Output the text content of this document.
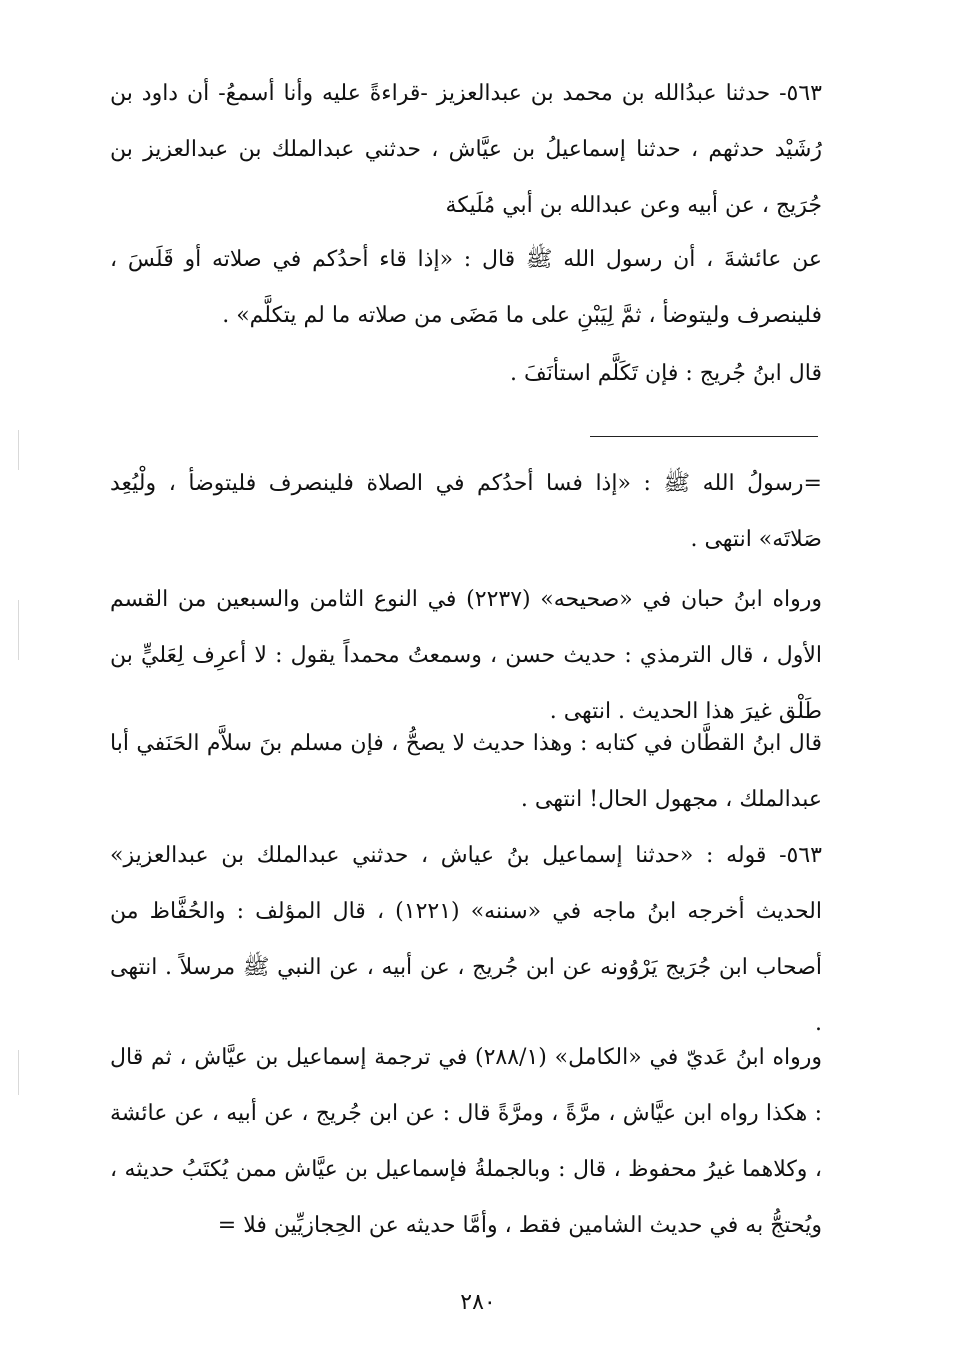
٥٦٣- حدثنا عبدُالله بن محمد بن عبدالعزيز -قراءةً عليه وأنا أسمعُ- أن داود بن رُشَيْد حدثهم ، حدثنا إسماعيلُ بن عيَّاش ، حدثني عبدالملك بن عبدالعزيز بن جُرَيج ، عن أبيه وعن عبدالله بن أبي مُلَيكة

عن عائشةَ ، أن رسول الله ﷺ قال : «إذا قاء أحدُكم في صلاته أو قَلَسَ ، فلينصرف وليتوضأ ، ثمَّ لِيَبْنِ على ما مَضَى من صلاته ما لم يتكلَّم» .

قال ابنُ جُريج : فإن تَكَلَّم استأنَفَ .

=رسولُ الله ﷺ : «إذا فسا أحدُكم في الصلاة فلينصرف فليتوضأ ، ولْيُعِد صَلاتَه» انتهى .

ورواه ابنُ حبان في «صحيحه» (٢٢٣٧) في النوع الثامن والسبعين من القسم الأول ، قال الترمذي : حديث حسن ، وسمعتُ محمداً يقول : لا أعرِف لِعَليٍّ بن طَلْق غيرَ هذا الحديث . انتهى .

قال ابنُ القطَّان في كتابه : وهذا حديث لا يصحُّ ، فإن مسلم بنَ سلاَّم الحَنَفي أبا عبدالملك ، مجهول الحال! انتهى .

٥٦٣- قوله : «حدثنا إسماعيل بنُ عياش ، حدثني عبدالملك بن عبدالعزيز» الحديث أخرجه ابنُ ماجه في «سننه» (١٢٢١) ، قال المؤلف : والحُفَّاظ من أصحاب ابن جُرَيج يَرْوُونه عن ابن جُريج ، عن أبيه ، عن النبي ﷺ مرسلاً . انتهى .

ورواه ابنُ عَديّ في «الكامل» (٢٨٨/١) في ترجمة إسماعيل بن عيَّاش ، ثم قال : هكذا رواه ابن عيَّاش ، مرَّةً ، ومرَّةً قال : عن ابن جُريج ، عن أبيه ، عن عائشة ، وكلاهما غيرُ محفوظ ، قال : وبالجملةُ فإسماعيل بن عيَّاش ممن يُكتَبُ حديثه ، ويُحتجُّ به في حديث الشامين فقط ، وأمَّا حديثه عن الحِجازيِّين فلا =

٢٨٠
